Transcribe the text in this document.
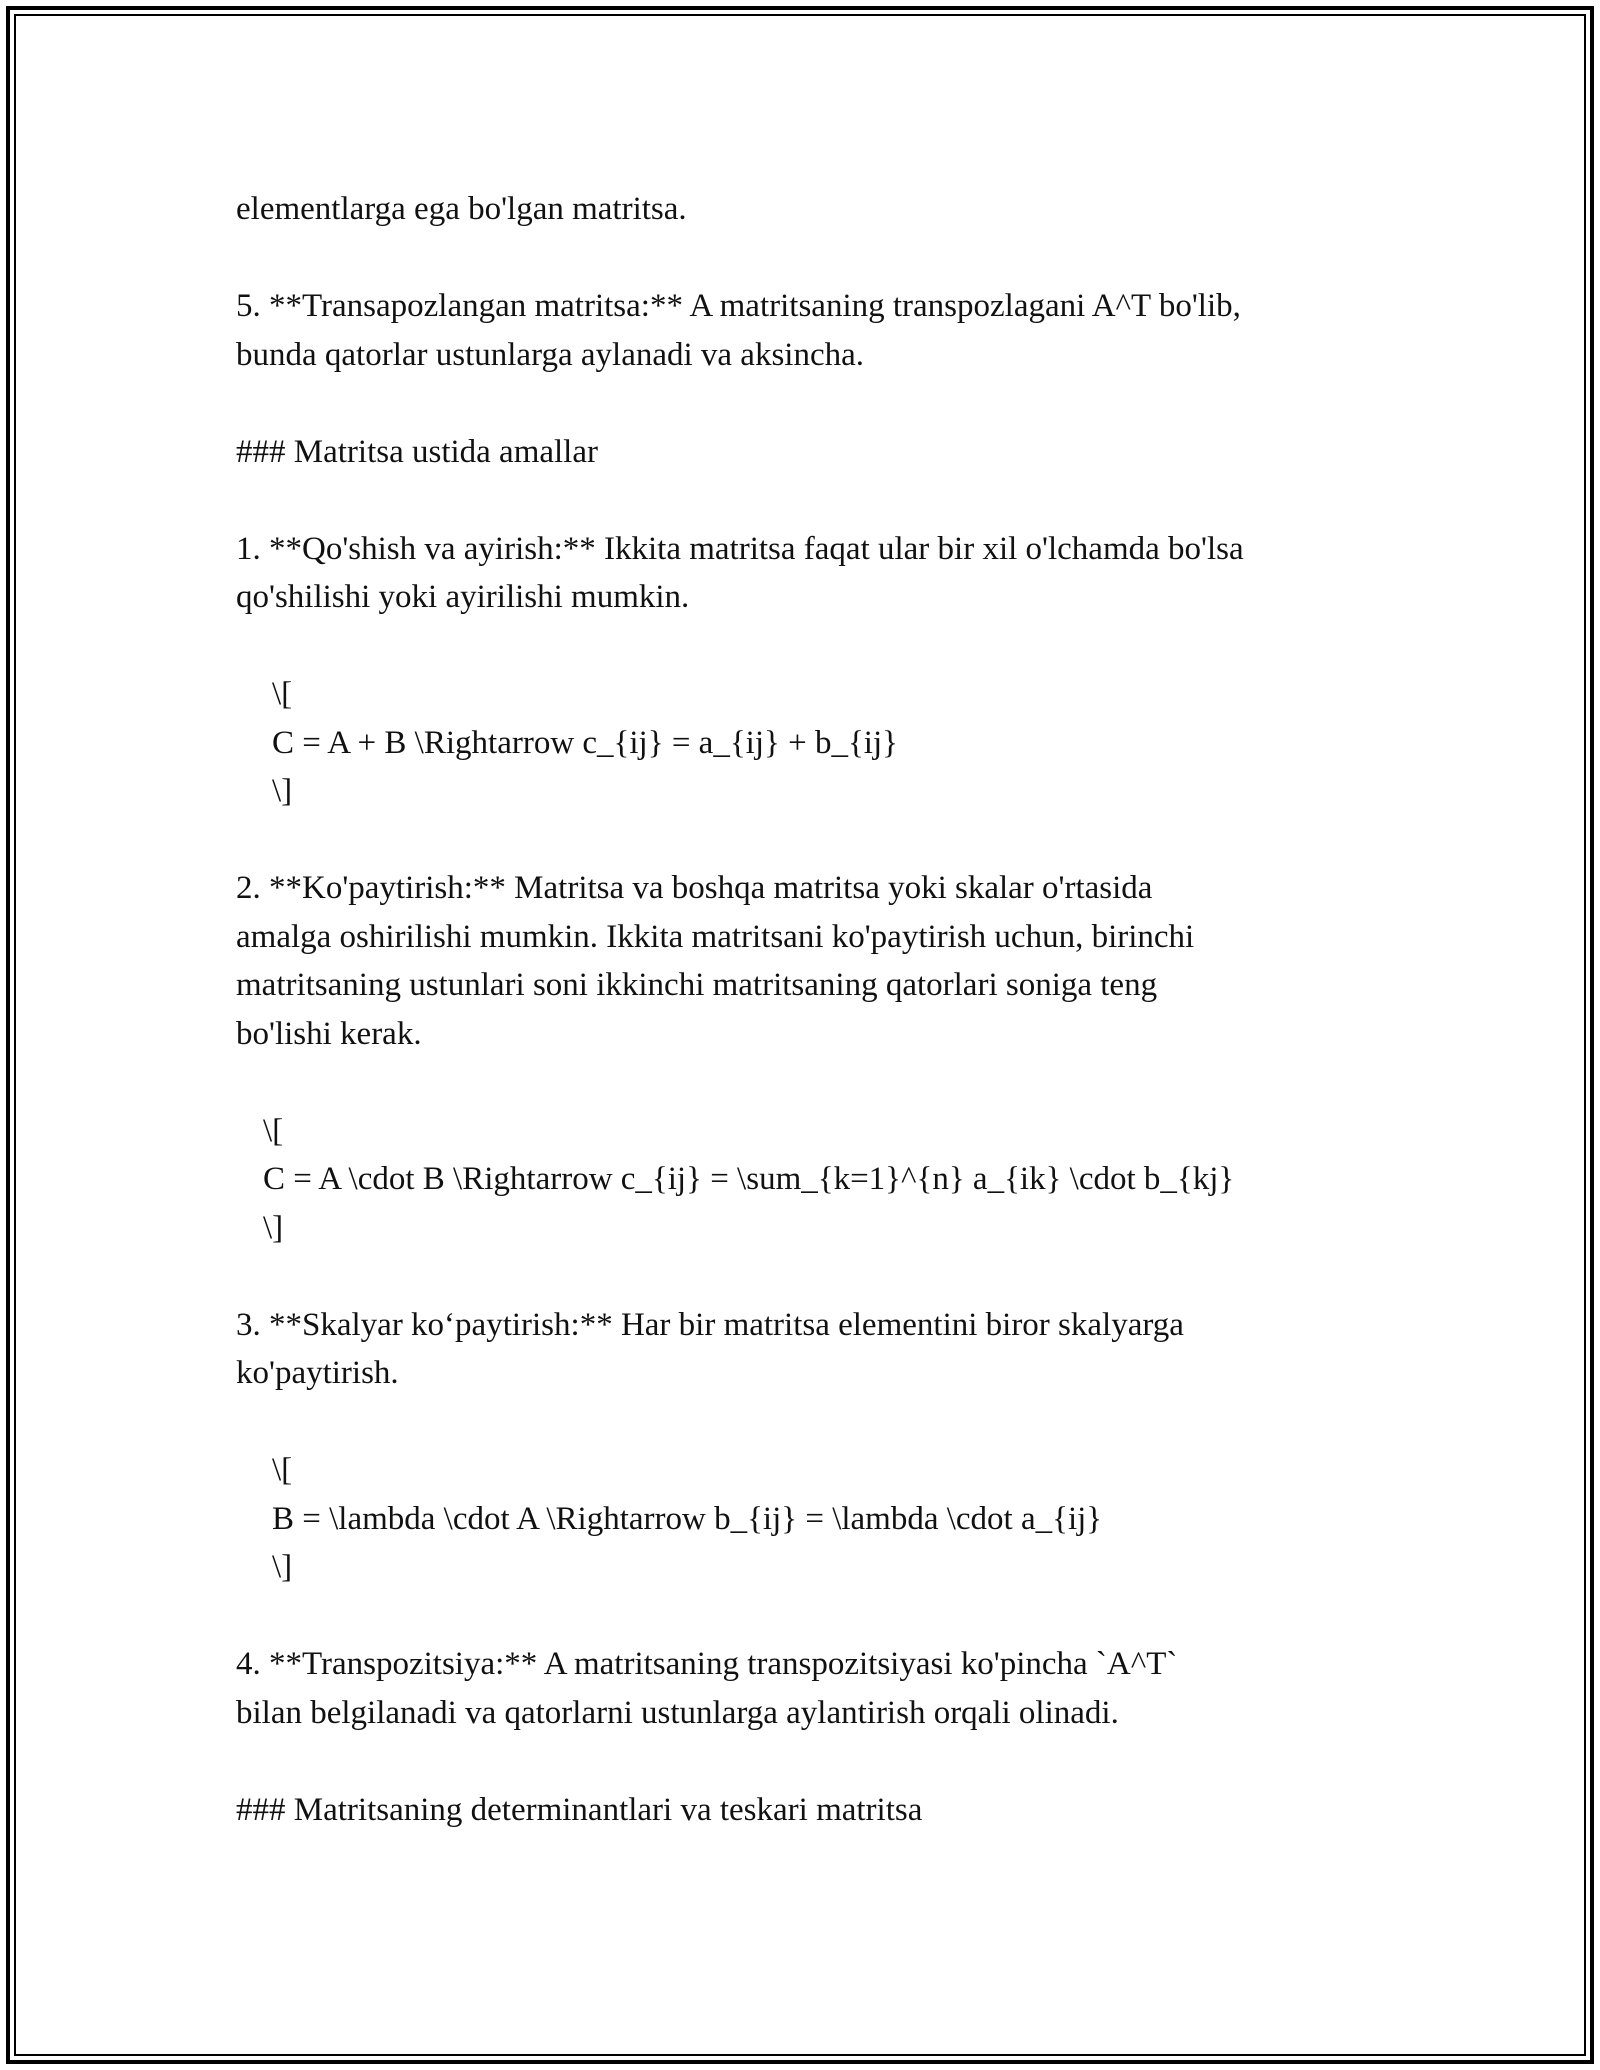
elementlarga ega bo'lgan matritsa.
5. **Transapozlangan matritsa:** A matritsaning transpozlagani A^T bo'lib,
bunda qatorlar ustunlarga aylanadi va aksincha.
### Matritsa ustida amallar
1. **Qo'shish va ayirish:** Ikkita matritsa faqat ular bir xil o'lchamda bo'lsa
qo'shilishi yoki ayirilishi mumkin.
\[
C = A + B \Rightarrow c_{ij} = a_{ij} + b_{ij}
\]
2. **Ko'paytirish:** Matritsa va boshqa matritsa yoki skalar o'rtasida
amalga oshirilishi mumkin. Ikkita matritsani ko'paytirish uchun, birinchi
matritsaning ustunlari soni ikkinchi matritsaning qatorlari soniga teng
bo'lishi kerak.
\[
C = A \cdot B \Rightarrow c_{ij} = \sum_{k=1}^{n} a_{ik} \cdot b_{kj}
\]
3. **Skalyar ko‘paytirish:** Har bir matritsa elementini biror skalyarga
ko'paytirish.
\[
B = \lambda \cdot A \Rightarrow b_{ij} = \lambda \cdot a_{ij}
\]
4. **Transpozitsiya:** A matritsaning transpozitsiyasi ko'pincha `A^T`
bilan belgilanadi va qatorlarni ustunlarga aylantirish orqali olinadi.
### Matritsaning determinantlari va teskari matritsa
